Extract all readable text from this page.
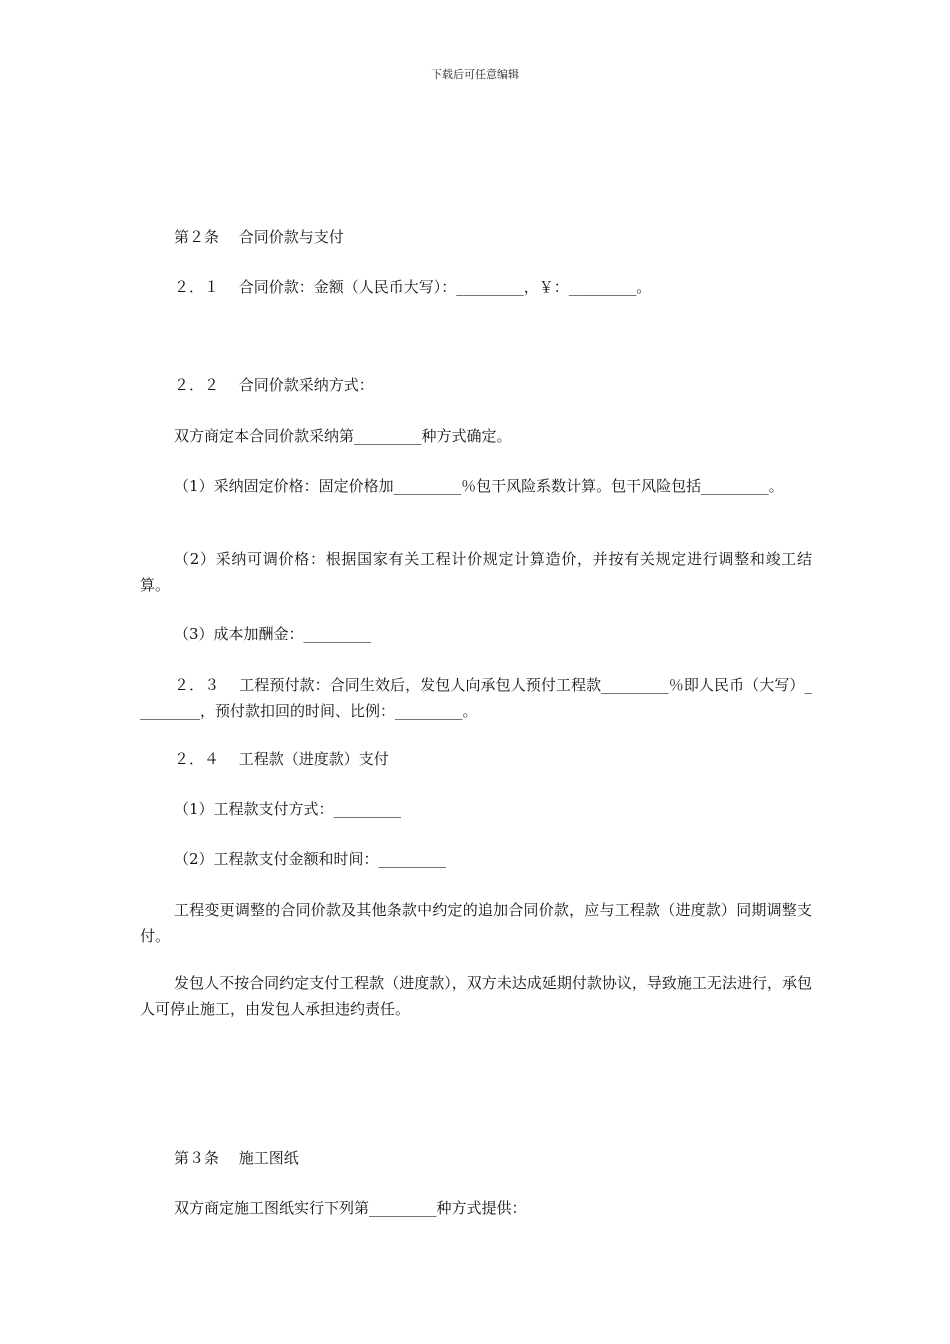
下载后可任意编辑
第２条　 合同价款与支付
２．１　 合同价款：金额（人民币大写）：_________，￥：_________。
２．２　 合同价款采纳方式：
双方商定本合同价款采纳第_________种方式确定。
（1）采纳固定价格：固定价格加_________％包干风险系数计算。包干风险包括_________。
（2）采纳可调价格：根据国家有关工程计价规定计算造价，并按有关规定进行调整和竣工结算。
（3）成本加酬金：_________
２．３　 工程预付款：合同生效后，发包人向承包人预付工程款_________％即人民币（大写）_________，预付款扣回的时间、比例：_________。
２．４　 工程款（进度款）支付
（1）工程款支付方式：_________
（2）工程款支付金额和时间：_________
工程变更调整的合同价款及其他条款中约定的追加合同价款，应与工程款（进度款）同期调整支付。
发包人不按合同约定支付工程款（进度款），双方未达成延期付款协议，导致施工无法进行，承包人可停止施工，由发包人承担违约责任。
第３条　 施工图纸
双方商定施工图纸实行下列第_________种方式提供：
